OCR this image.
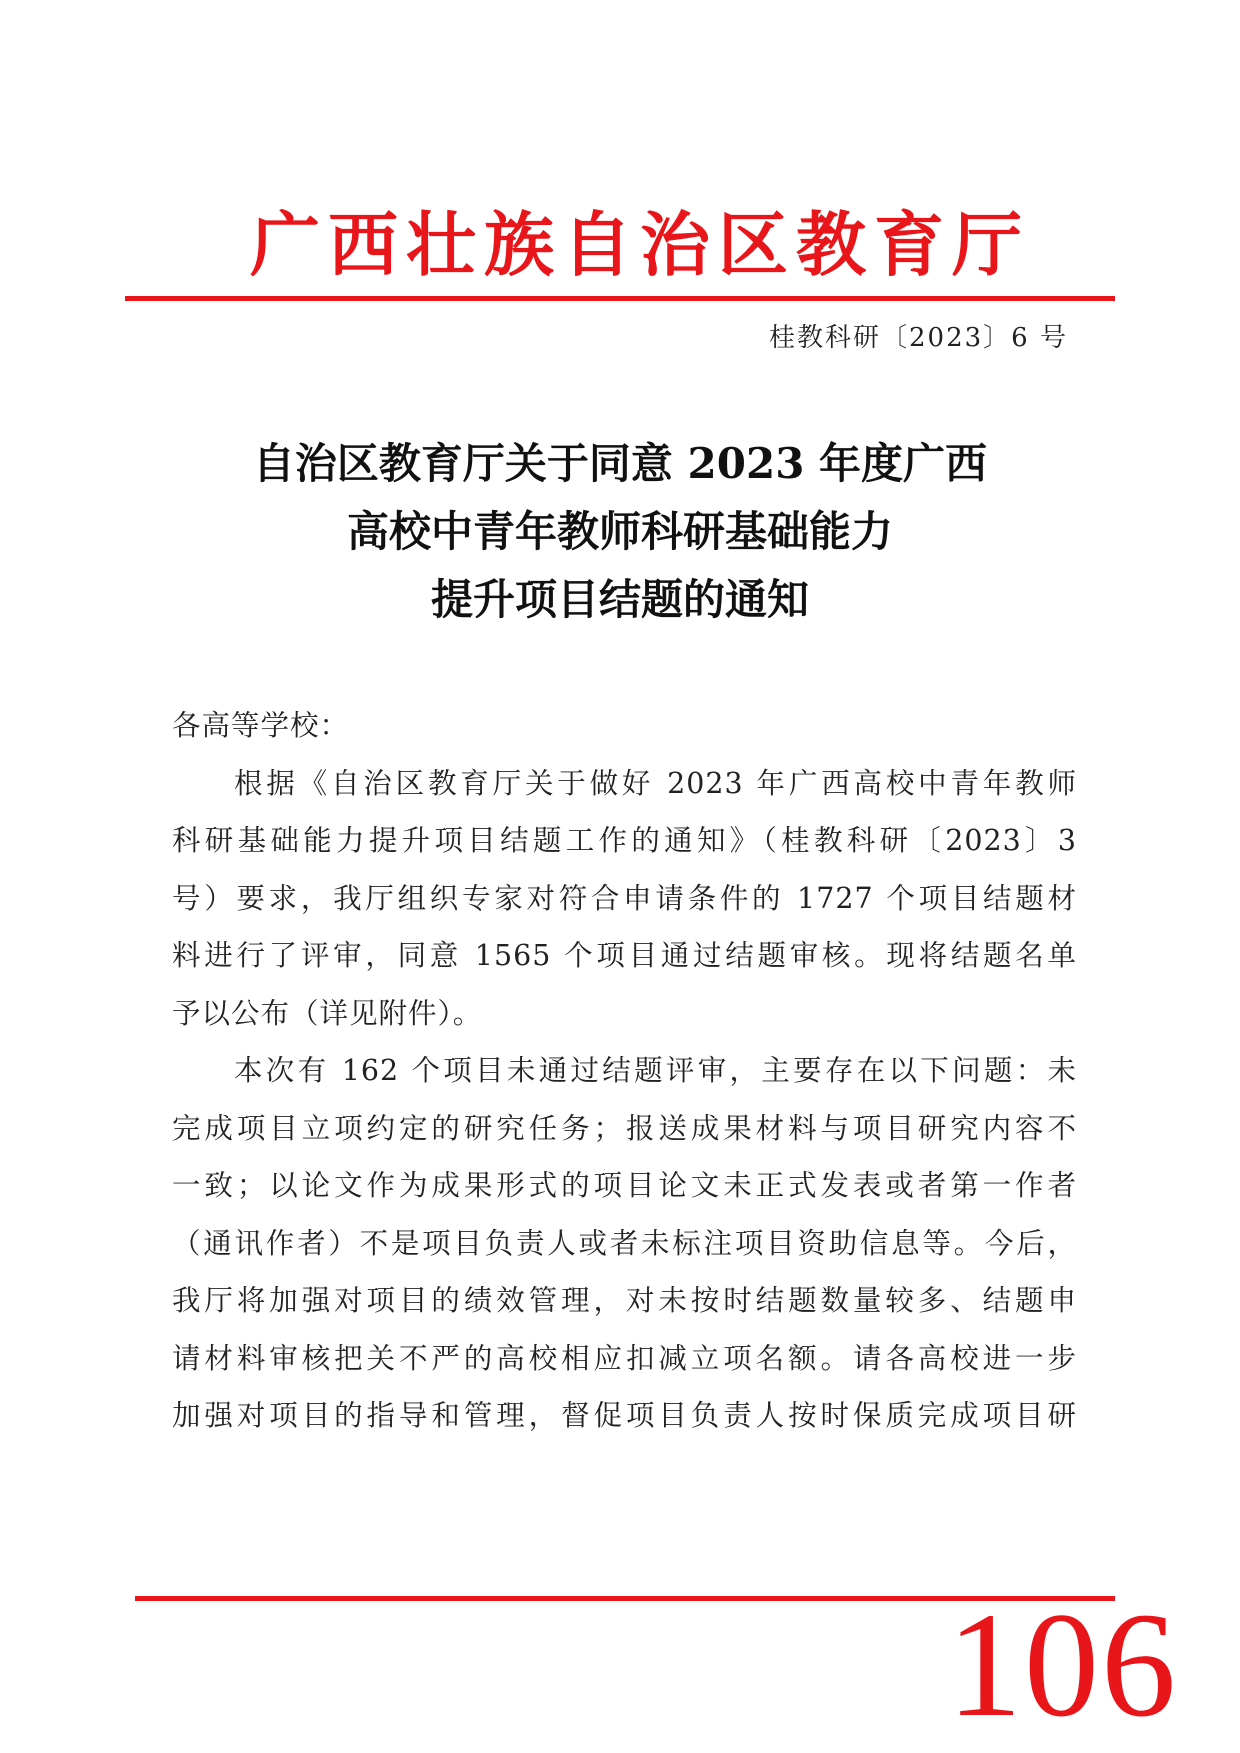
广西壮族自治区教育厅
桂教科研〔2023〕6 号
自治区教育厅关于同意 2023 年度广西
高校中青年教师科研基础能力
提升项目结题的通知
各高等学校：
根据《自治区教育厅关于做好 2023 年广西高校中青年教师
科研基础能力提升项目结题工作的通知》（桂教科研〔2023〕3
号）要求，我厅组织专家对符合申请条件的 1727 个项目结题材
料进行了评审，同意 1565 个项目通过结题审核。现将结题名单
予以公布（详见附件）。
本次有 162 个项目未通过结题评审，主要存在以下问题：未
完成项目立项约定的研究任务；报送成果材料与项目研究内容不
一致；以论文作为成果形式的项目论文未正式发表或者第一作者
（通讯作者）不是项目负责人或者未标注项目资助信息等。今后，
我厅将加强对项目的绩效管理，对未按时结题数量较多、结题申
请材料审核把关不严的高校相应扣减立项名额。请各高校进一步
加强对项目的指导和管理，督促项目负责人按时保质完成项目研
106
